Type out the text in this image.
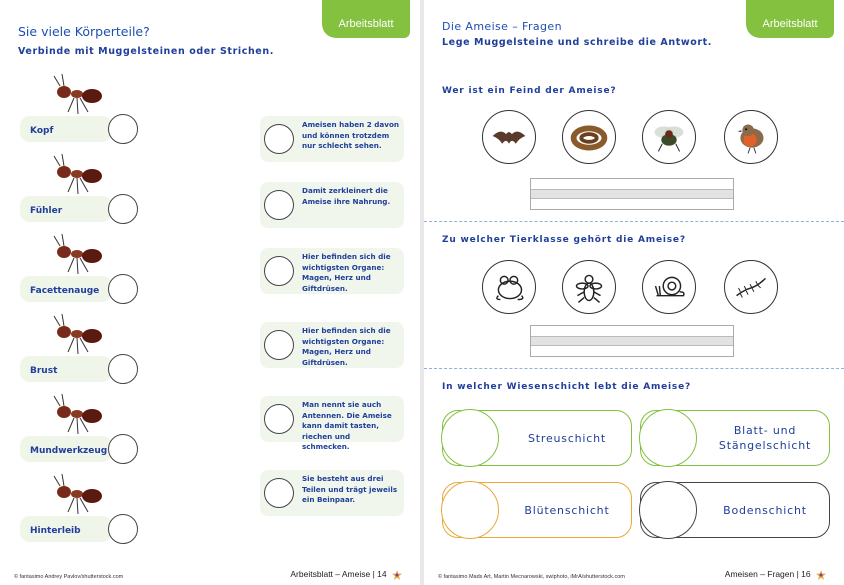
Sie viele Körperteile?
Verbinde mit Muggelsteinen oder Strichen.
Arbeitsblatt
Kopf
Fühler
Facettenauge
Brust
Mundwerkzeug
Hinterleib
Ameisen haben 2 davon und können trotzdem nur schlecht sehen.
Damit zerkleinert die Ameise ihre Nahrung.
Hier befinden sich die wichtigsten Organe: Magen, Herz und Giftdrüsen.
Hier befinden sich die wichtigsten Organe: Magen, Herz und Giftdrüsen.
Man nennt sie auch Antennen. Die Ameise kann damit tasten, riechen und schmecken.
Sie besteht aus drei Teilen und trägt jeweils ein Beinpaar.
© fantasimo Andrey Pavlov/shutterstock.com	Arbeitsblatt – Ameise | 14
Die Ameise – Fragen
Lege Muggelsteine und schreibe die Antwort.
Arbeitsblatt
Wer ist ein Feind der Ameise?
Zu welcher Tierklasse gehört die Ameise?
In welcher Wiesenschicht lebt die Ameise?
Streuschicht
Blatt- und Stängelschicht
Blütenschicht	Bodenschicht
© fantasimo Mads Art, Martin Mecnarowski, swiphoto, iMrA/shutterstock.com	Ameisen – Fragen | 16
